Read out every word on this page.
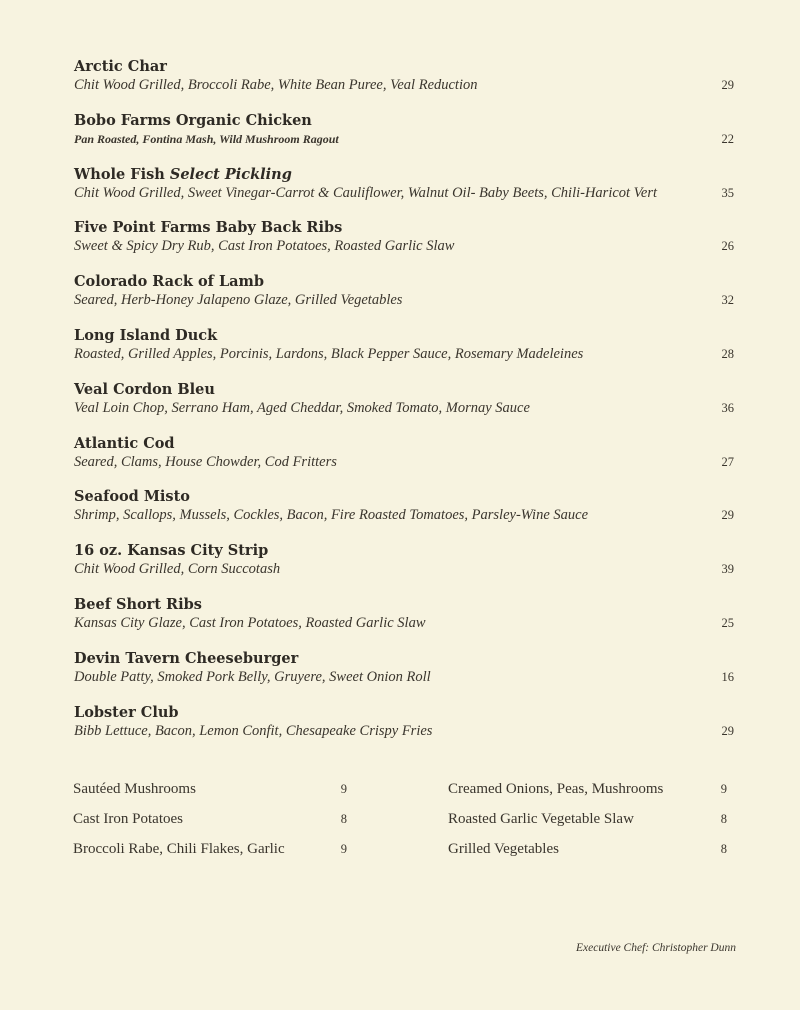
Arctic Char
Chit Wood Grilled, Broccoli Rabe, White Bean Puree, Veal Reduction	29
Bobo Farms Organic Chicken
Pan Roasted, Fontina Mash, Wild Mushroom Ragout	22
Whole Fish Select Pickling
Chit Wood Grilled, Sweet Vinegar-Carrot & Cauliflower, Walnut Oil- Baby Beets, Chili-Haricot Vert	35
Five Point Farms Baby Back Ribs
Sweet & Spicy Dry Rub, Cast Iron Potatoes, Roasted Garlic Slaw	26
Colorado Rack of Lamb
Seared, Herb-Honey Jalapeno Glaze, Grilled Vegetables	32
Long Island Duck
Roasted, Grilled Apples, Porcinis, Lardons, Black Pepper Sauce, Rosemary Madeleines	28
Veal Cordon Bleu
Veal Loin Chop, Serrano Ham, Aged Cheddar, Smoked Tomato, Mornay Sauce	36
Atlantic Cod
Seared, Clams, House Chowder, Cod Fritters	27
Seafood Misto
Shrimp, Scallops, Mussels, Cockles, Bacon, Fire Roasted Tomatoes, Parsley-Wine Sauce	29
16 oz. Kansas City Strip
Chit Wood Grilled, Corn Succotash	39
Beef Short Ribs
Kansas City Glaze, Cast Iron Potatoes, Roasted Garlic Slaw	25
Devin Tavern Cheeseburger
Double Patty, Smoked Pork Belly, Gruyere, Sweet Onion Roll	16
Lobster Club
Bibb Lettuce, Bacon, Lemon Confit, Chesapeake Crispy Fries	29
Sautéed Mushrooms	9
Cast Iron Potatoes	8
Broccoli Rabe, Chili Flakes, Garlic	9
Creamed Onions, Peas, Mushrooms	9
Roasted Garlic Vegetable Slaw	8
Grilled Vegetables	8
Executive Chef: Christopher Dunn
